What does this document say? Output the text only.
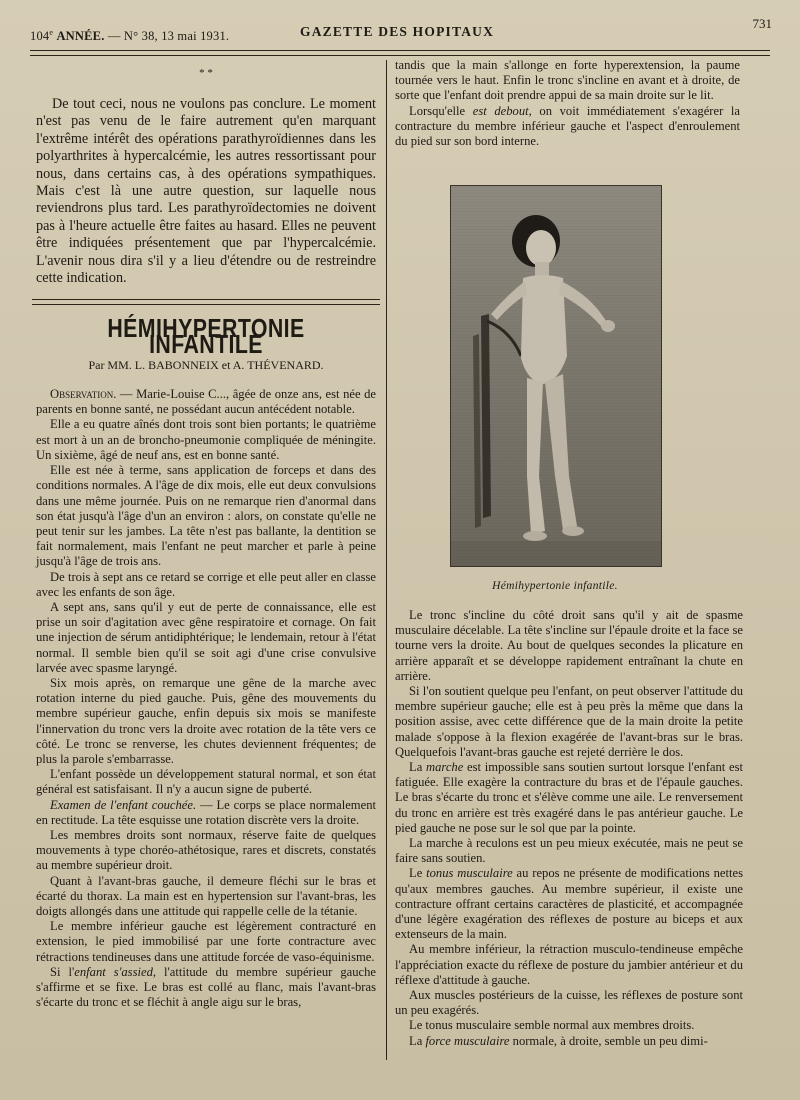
104e ANNÉE. — N° 38, 13 mai 1931.	GAZETTE DES HOPITAUX
731
* *

De tout ceci, nous ne voulons pas conclure. Le moment n'est pas venu de le faire autrement qu'en marquant l'extrême intérêt des opérations parathyroïdiennes dans les polyarthrites à hypercalcémie, les autres ressortissant pour nous, dans certains cas, à des opérations sympathiques. Mais c'est là une autre question, sur laquelle nous reviendrons plus tard. Les parathyroïdectomies ne doivent pas à l'heure actuelle être faites au hasard. Elles ne peuvent être indiquées présentement que par l'hypercalcémie. L'avenir nous dira s'il y a lieu d'étendre ou de restreindre cette indication.

HÉMIHYPERTONIE INFANTILE
Par MM. L. BABONNEIX et A. THÉVENARD.

Observation. — Marie-Louise C..., âgée de onze ans, est née de parents en bonne santé, ne possédant aucun antécédent notable.

Elle a eu quatre aînés dont trois sont bien portants; le quatrième est mort à un an de broncho-pneumonie compliquée de méningite. Un sixième, âgé de neuf ans, est en bonne santé.

Elle est née à terme, sans application de forceps et dans des conditions normales. A l'âge de dix mois, elle eut deux convulsions dans une même journée. Puis on ne remarque rien d'anormal dans son état jusqu'à l'âge d'un an environ : alors, on constate qu'elle ne peut tenir sur les jambes. La tête n'est pas ballante, la dentition se fait normalement, mais l'enfant ne peut marcher et parle à peine jusqu'à l'âge de trois ans.

De trois à sept ans ce retard se corrige et elle peut aller en classe avec les enfants de son âge.

A sept ans, sans qu'il y eut de perte de connaissance, elle est prise un soir d'agitation avec gêne respiratoire et cornage. On fait une injection de sérum antidiphtérique; le lendemain, retour à l'état normal. Il semble bien qu'il se soit agi d'une crise convulsive larvée avec spasme laryngé.

Six mois après, on remarque une gêne de la marche avec rotation interne du pied gauche. Puis, gêne des mouvements du membre supérieur gauche, enfin depuis six mois se manifeste l'innervation du tronc vers la droite avec rotation de la tête vers ce côté. Le tronc se renverse, les chutes deviennent fréquentes; de plus la parole s'embarrasse.

L'enfant possède un développement statural normal, et son état général est satisfaisant. Il n'y a aucun signe de puberté.

Examen de l'enfant couchée. — Le corps se place normalement en rectitude. La tête esquisse une rotation discrète vers la droite.

Les membres droits sont normaux, réserve faite de quelques mouvements à type choréo-athétosique, rares et discrets, constatés au membre supérieur droit.

Quant à l'avant-bras gauche, il demeure fléchi sur le bras et écarté du thorax. La main est en hypertension sur l'avant-bras, les doigts allongés dans une attitude qui rappelle celle de la tétanie.

Le membre inférieur gauche est légèrement contracturé en extension, le pied immobilisé par une forte contracture avec rétractions tendineuses dans une attitude forcée de vaso-équinisme.

Si l'enfant s'assied, l'attitude du membre supérieur gauche s'affirme et se fixe. Le bras est collé au flanc, mais l'avant-bras s'écarte du tronc et se fléchit à angle aigu sur le bras,

tandis que la main s'allonge en forte hyperextension, la paume tournée vers le haut. Enfin le tronc s'incline en avant et à droite, de sorte que l'enfant doit prendre appui de sa main droite sur le lit.

Lorsqu'elle est debout, on voit immédiatement s'exagérer la contracture du membre inférieur gauche et l'aspect d'enroulement du pied sur son bord interne.

Hémihypertonie infantile.

Le tronc s'incline du côté droit sans qu'il y ait de spasme musculaire décelable. La tête s'incline sur l'épaule droite et la face se tourne vers la droite. Au bout de quelques secondes la plicature en arrière apparaît et se développe rapidement entraînant la chute en arrière.

Si l'on soutient quelque peu l'enfant, on peut observer l'attitude du membre supérieur gauche; elle est à peu près la même que dans la position assise, avec cette différence que de la main droite la petite malade s'oppose à la flexion exagérée de l'avant-bras sur le bras. Quelquefois l'avant-bras gauche est rejeté derrière le dos.

La marche est impossible sans soutien surtout lorsque l'enfant est fatiguée. Elle exagère la contracture du bras et de l'épaule gauches. Le bras s'écarte du tronc et s'élève comme une aile. Le renversement du tronc en arrière est très exagéré dans le pas antérieur gauche. Le pied gauche ne pose sur le sol que par la pointe.

La marche à reculons est un peu mieux exécutée, mais ne peut se faire sans soutien.

Le tonus musculaire au repos ne présente de modifications nettes qu'aux membres gauches. Au membre supérieur, il existe une contracture offrant certains caractères de plasticité, et accompagnée d'une légère exagération des réflexes de posture au biceps et aux extenseurs de la main.

Au membre inférieur, la rétraction musculo-tendineuse empêche l'appréciation exacte du réflexe de posture du jambier antérieur et du réflexe d'attitude à gauche.

Aux muscles postérieurs de la cuisse, les réflexes de posture sont un peu exagérés.

Le tonus musculaire semble normal aux membres droits.

La force musculaire normale, à droite, semble un peu dimi-
